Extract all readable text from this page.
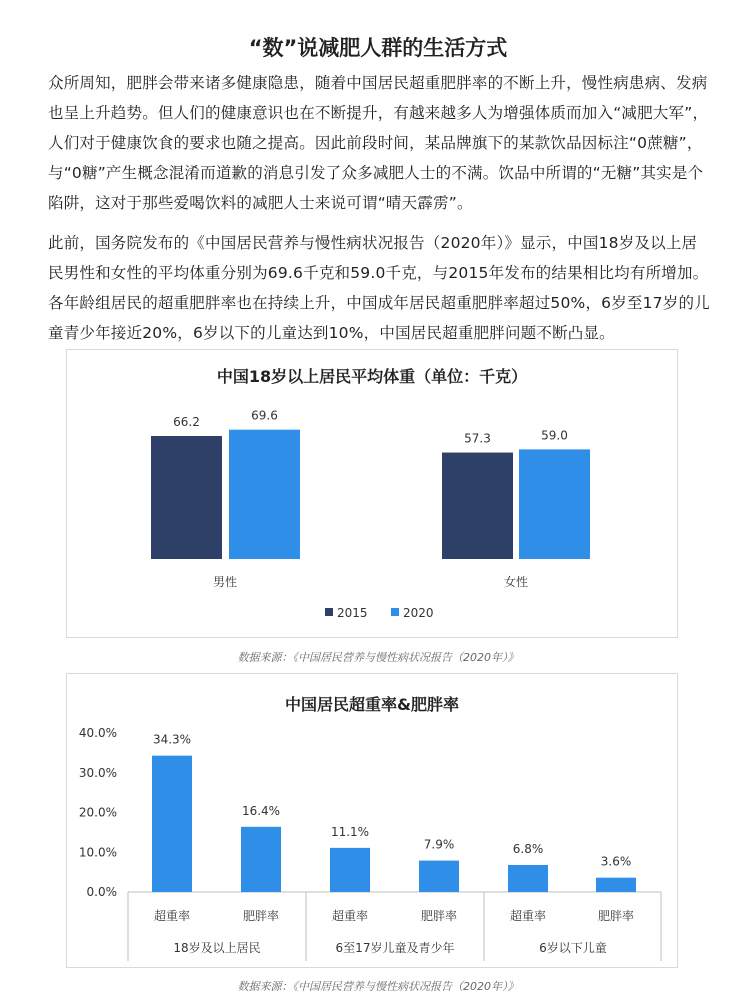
“数”说减肥人群的生活方式
众所周知，肥胖会带来诸多健康隐患，随着中国居民超重肥胖率的不断上升，慢性病患病、发病也呈上升趋势。但人们的健康意识也在不断提升，有越来越多人为增强体质而加入“减肥大军”，人们对于健康饮食的要求也随之提高。因此前段时间，某品牌旗下的某款饮品因标注“0蔗糖”，与“0糖”产生概念混淆而道歉的消息引发了众多减肥人士的不满。饮品中所谓的“无糖”其实是个陷阱，这对于那些爱喝饮料的减肥人士来说可谓“晴天霹雳”。
此前，国务院发布的《中国居民营养与慢性病状况报告（2020年）》显示，中国18岁及以上居民男性和女性的平均体重分别为69.6千克和59.0千克，与2015年发布的结果相比均有所增加。各年龄组居民的超重肥胖率也在持续上升，中国成年居民超重肥胖率超过50%，6岁至17岁的儿童青少年接近20%，6岁以下的儿童达到10%，中国居民超重肥胖问题不断凸显。
中国18岁以上居民平均体重（单位：千克）
66.2
57.3
69.6
59.0
男性	女性
2015	2020
数据来源：《中国居民营养与慢性病状况报告（2020年）》
中国居民超重率&肥胖率
0.0%
10.0%
20.0%
30.0%
40.0%	34.3%
超重率
16.4%
肥胖率
11.1%
超重率
7.9%
肥胖率
6.8%
超重率
3.6%
肥胖率
18岁及以上居民	6至17岁儿童及青少年	6岁以下儿童
数据来源：《中国居民营养与慢性病状况报告（2020年）》
